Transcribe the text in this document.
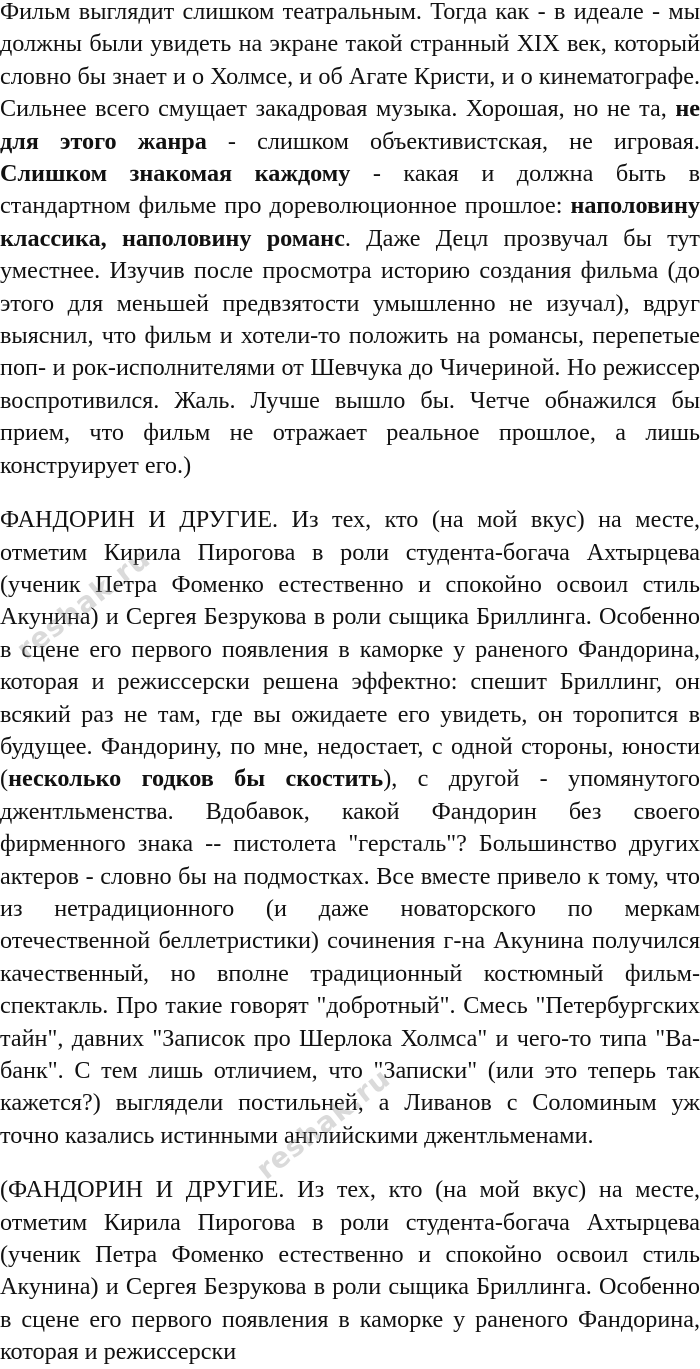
Фильм выглядит слишком театральным. Тогда как - в идеале - мы должны были увидеть на экране такой странный XIX век, который словно бы знает и о Холмсе, и об Агате Кристи, и о кинематографе. Сильнее всего смущает закадровая музыка. Хорошая, но не та, не для этого жанра - слишком объективистская, не игровая. Слишком знакомая каждому - какая и должна быть в стандартном фильме про дореволюционное прошлое: наполовину классика, наполовину романс. Даже Децл прозвучал бы тут уместнее. Изучив после просмотра историю создания фильма (до этого для меньшей предвзятости умышленно не изучал), вдруг выяснил, что фильм и хотели-то положить на романсы, перепетые поп- и рок-исполнителями от Шевчука до Чичериной. Но режиссер воспротивился. Жаль. Лучше вышло бы. Четче обнажился бы прием, что фильм не отражает реальное прошлое, а лишь конструирует его.)

ФАНДОРИН И ДРУГИЕ. Из тех, кто (на мой вкус) на месте, отметим Кирила Пирогова в роли студента-богача Ахтырцева (ученик Петра Фоменко естественно и спокойно освоил стиль Акунина) и Сергея Безрукова в роли сыщика Бриллинга. Особенно в сцене его первого появления в каморке у раненого Фандорина, которая и режиссерски решена эффектно: спешит Бриллинг, он всякий раз не там, где вы ожидаете его увидеть, он торопится в будущее. Фандорину, по мне, недостает, с одной стороны, юности (несколько годков бы скостить), с другой - упомянутого джентльменства. Вдобавок, какой Фандорин без своего фирменного знака -- пистолета "герсталь"? Большинство других актеров - словно бы на подмостках. Все вместе привело к тому, что из нетрадиционного (и даже новаторского по меркам отечественной беллетристики) сочинения г-на Акунина получился качественный, но вполне традиционный костюмный фильм-спектакль. Про такие говорят "добротный". Смесь "Петербургских тайн", давних "Записок про Шерлока Холмса" и чего-то типа "Ва-банк". С тем лишь отличием, что "Записки" (или это теперь так кажется?) выглядели постильней, а Ливанов с Соломиным уж точно казались истинными английскими джентльменами.

(ФАНДОРИН И ДРУГИЕ. Из тех, кто (на мой вкус) на месте, отметим Кирила Пирогова в роли студента-богача Ахтырцева (ученик Петра Фоменко естественно и спокойно освоил стиль Акунина) и Сергея Безрукова в роли сыщика Бриллинга. Особенно в сцене его первого появления в каморке у раненого Фандорина, которая и режиссерски

reshak.ru
reshak.ru
